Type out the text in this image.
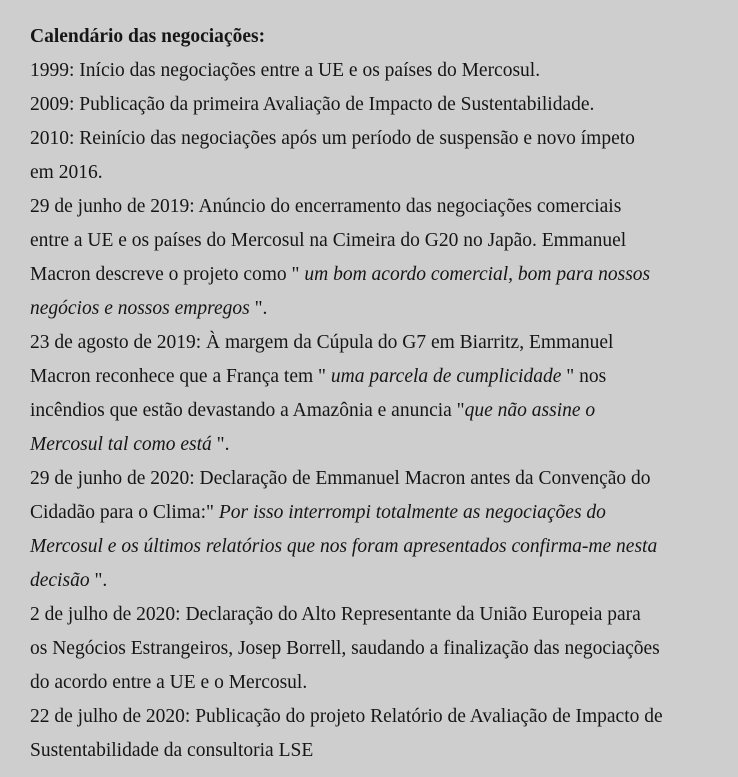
Calendário das negociações:
1999: Início das negociações entre a UE e os países do Mercosul.
2009: Publicação da primeira Avaliação de Impacto de Sustentabilidade.
2010: Reinício das negociações após um período de suspensão e novo ímpeto
em 2016.
29 de junho de 2019: Anúncio do encerramento das negociações comerciais
entre a UE e os países do Mercosul na Cimeira do G20 no Japão. Emmanuel
Macron descreve o projeto como " um bom acordo comercial, bom para nossos
negócios e nossos empregos ".
23 de agosto de 2019: À margem da Cúpula do G7 em Biarritz, Emmanuel
Macron reconhece que a França tem " uma parcela de cumplicidade " nos
incêndios que estão devastando a Amazônia e anuncia "que não assine o
Mercosul tal como está ".
29 de junho de 2020: Declaração de Emmanuel Macron antes da Convenção do
Cidadão para o Clima:" Por isso interrompi totalmente as negociações do
Mercosul e os últimos relatórios que nos foram apresentados confirma-me nesta
decisão ".
2 de julho de 2020: Declaração do Alto Representante da União Europeia para
os Negócios Estrangeiros, Josep Borrell, saudando a finalização das negociações
do acordo entre a UE e o Mercosul.
22 de julho de 2020: Publicação do projeto Relatório de Avaliação de Impacto de
Sustentabilidade da consultoria LSE
